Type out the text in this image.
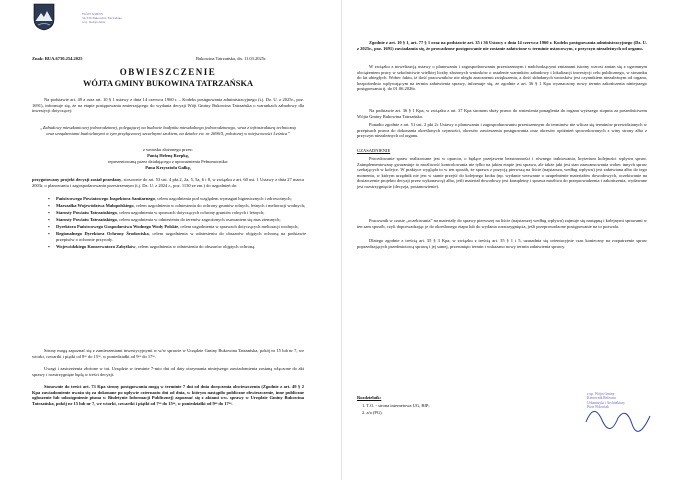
WÓJT GMINY
34-530 Bukowina Tatrzańska
woj. małopolskie

Znak: BUA.6730.254.2025	Bukowina Tatrzańska, dn. 11.03.2025r.

OBWIESZCZENIE

WÓJTA GMINY BUKOWINA TATRZAŃSKA

Na podstawie art. 49 a oraz art. 10 § 1 ustawy z dnia 14 czerwca 1960 r. – Kodeks postępowania administracyjnego (t.j. Dz. U. z 2025r., poz. 1691), informuje się, że na etapie postępowania zmierzającego do wydania decyzji Wójt Gminy Bukowina Tatrzańska o warunkach zabudowy dla inwestycji dotyczącej:

„Zabudowy mieszkaniowej jednorodzinnej, polegającej na budowie budynku mieszkalnego jednorodzinnego, wraz z infrastrukturą techniczną oraz urządzeniami budowlanymi w tym przyłączowej szczelnymi szokiem, na działce ew. nr 2696/5, położonej w miejscowości Leśnica”

z wniosku złożonego przez:

Panią Helenę Rzepkę,

reprezentowaną przez działającego z upoważnienia Pełnomocnika:

Pana Krzysztofa Gałkę,

przygotowany projekt decyzji został przesłany, stosownie do art. 53 ust. 4 pkt.2, 2a, 5, 5a, 6 i 8, w związku z art. 60 ust. 1 Ustawy z dnia 27 marca 2003r. o planowaniu i zagospodarowaniu przestrzennym (t.j. Dz. U. z 2024 r., poz. 1130 ze zm.) do uzgodnień do:

▪ Państwowego Powiatowego Inspektora Sanitarnego, celem uzgodnienia pod względem wymagań higienicznych i zdrowotnych;
▪ Marszałka Województwa Małopolskiego, celem uzgodnienia w odniesieniu do ochrony gruntów rolnych, leśnych i melioracji wodnych;
▪ Starosty Powiatu Tatrzańskiego, celem uzgodnienia w sprawach dotyczących ochrony gruntów rolnych i leśnych;
▪ Starosty Powiatu Tatrzańskiego, celem uzgodnienia w odniesieniu do terenów zagrożonych osuwaniem się mas ziemnych;
▪ Dyrektora Państwowego Gospodarstwa Wodnego Wody Polskie, celem uzgodnienia w sprawach dotyczących melioracji wodnych;
▪ Regionalnego Dyrektora Ochrony Środowiska, celem uzgodnienia w odniesieniu do obszarów objętych ochroną na podstawie przepisów o ochronie przyrody.
▪ Wojewódzkiego Konserwatora Zabytków, celem uzgodnienia w odniesieniu do obszarów objętych ochroną.

Strony mogą zapoznać się z zamierzeniami inwestycyjnymi w w/w sprawie w Urzędzie Gminy Bukowina Tatrzańska, pokój nr 15 lub nr 7, we wtorki, czwartki i piątki od 8ᵒᵒ do 15ᵒᵒ, w poniedziałki od 9ᵒᵒ do 17ᵒᵒ.

Uwagi i zastrzeżenia złożone w tut. Urzędzie w terminie 7-mio dni od daty otrzymania niniejszego zawiadomienia zostaną włączone do akt sprawy i rozstrzygnięte będą w treści decyzji.

Stosownie do treści art. 73 Kpa strony postępowania mogą w terminie 7 dni od dnia doręczenia obwieszczenia (Zgodnie z art. 49 § 2 Kpa zawiadomienie uważa się za dokonane po upływie czternastu dni od dnia, w którym nastąpiło publiczne obwieszczenie, inne publiczne ogłoszenie lub udostępnienie pisma w Biuletynie Informacji Publicznej) zapoznać się z aktami ww. sprawy w Urzędzie Gminy Bukowina Tatrzańska, pokój nr 15 lub nr 7, we wtorki, czwartki i piątki od 7ᵒᵒ do 15ᵒᵒ, w poniedziałki od 9ᵒᵒ do 17ᵒᵒ.

Zgodnie z art. 10 § 1, art. 77 § 1 oraz na podstawie art. 35 i 36 Ustawy z dnia 14 czerwca 1960 r. Kodeks postępowania administracyjnego (Dz. U. z 2025r., poz. 1691) zawiadamia się, że prowadzone postępowanie nie zostanie załatwione w terminie ustawowym, z przyczyn niezależnych od organu.

W związku z nowelizacją ustawy o planowaniu i zagospodarowaniu przestrzennym i nadchodzącymi zmianami istotny wzrost zmian się z ogromnym obciążeniem pracy w szkolnictwie wielkiej liczby złożonych wniosków o ustalenie warunków zabudowy i lokalizacji inwestycji celu publicznego, w stosunku do lat ubiegłych. Wobec faktu, iż ilość pracowników nie uległa znacznemu zwiększeniu, a ilość składanych wniosków jest czynnikiem niezależnym od organu, bezpośrednio wpływającym na termin załatwienia sprawy, informuje się, że zgodnie z art. 36 § 1 Kpa wyznaczony nowy termin zakończenia niniejszego postępowania tj. do 01.06.2026r.

Na podstawie art. 36 § 1 Kpa, w związku z art. 37 Kpa stronom służy prawo do wniesienia ponaglenia do organu wyższego stopnia za pośrednictwem Wójta Gminy Bukowina Tatrzańska.

Ponadto zgodnie z art. 51 ust. 2 pkt 2c Ustawy o planowaniu i zagospodarowaniu przestrzennym do terminów nie wlicza się terminów przewidzianych w przepisach prawa do dokonania określonych czynności, okresów zawieszenia postępowania oraz okresów opóźnień spowodowanych z winy strony albo z przyczyn niezależnych od organu.

UZASADNIENIE

Procedowanie spraw realizowane jest w oparciu, o będące przejawem bezstronności i równego traktowania, kryterium kolejności wpływu spraw. Zaimplementowany gwarantuje to możliwość kontrolowania nie tylko na jakim etapie jest sprawa, ale także jaki jest stan zaawansowania wobec innych spraw czekających w kolejce. W praktyce wygląda to w ten sposób, że sprawa z pozycją pierwszą na liście (najstarsza, według wpływu) jest załatwiana albo do tego momentu, w którym urzędnik nie jest w stanie przejść do kolejnego kroku (np. wydanie wezwanie o uzupełnienie materiałów dowodowych, oczekiwanie na dostarczenie projektu decyzji przez wykonawcę) albo, jeśli materiał dowodowy jest kompletny i sprawa możliwa do przeprowadzenia i zakończenia, wydawane jest rozstrzygnięcie (decyzja, postanowienie).

Pracownik w czasie „oczekiwania” na materiały do sprawy pierwszej na liście (najstarszej według wpływu) zajmuje się następną i kolejnymi sprawami w ten sam sposób, czyli doprowadzając je do określonego etapu lub do wydania rozstrzygnięcia, jeśli przeprowadzone postępowanie na to pozwala.

Dlatego zgodnie z treścią art. 35 § 3 Kpa, w związku z treścią art. 35 § 1 i 5, uzasadnia się orientacyjnie czas konieczny na rozpatrzenie spraw poprzedzających przedmiotową sprawę i jej samej, przesunięto termin i wskazano nowy termin załatwienia sprawy.

z up. Wójta Gminy
Kierownik Referatu
Urbanistyki i Architektury
Piotr Wdowiak

Rozdzielnik:

1. T.O. - strona internetowa UG, BIP;

2. a/a (PG)
